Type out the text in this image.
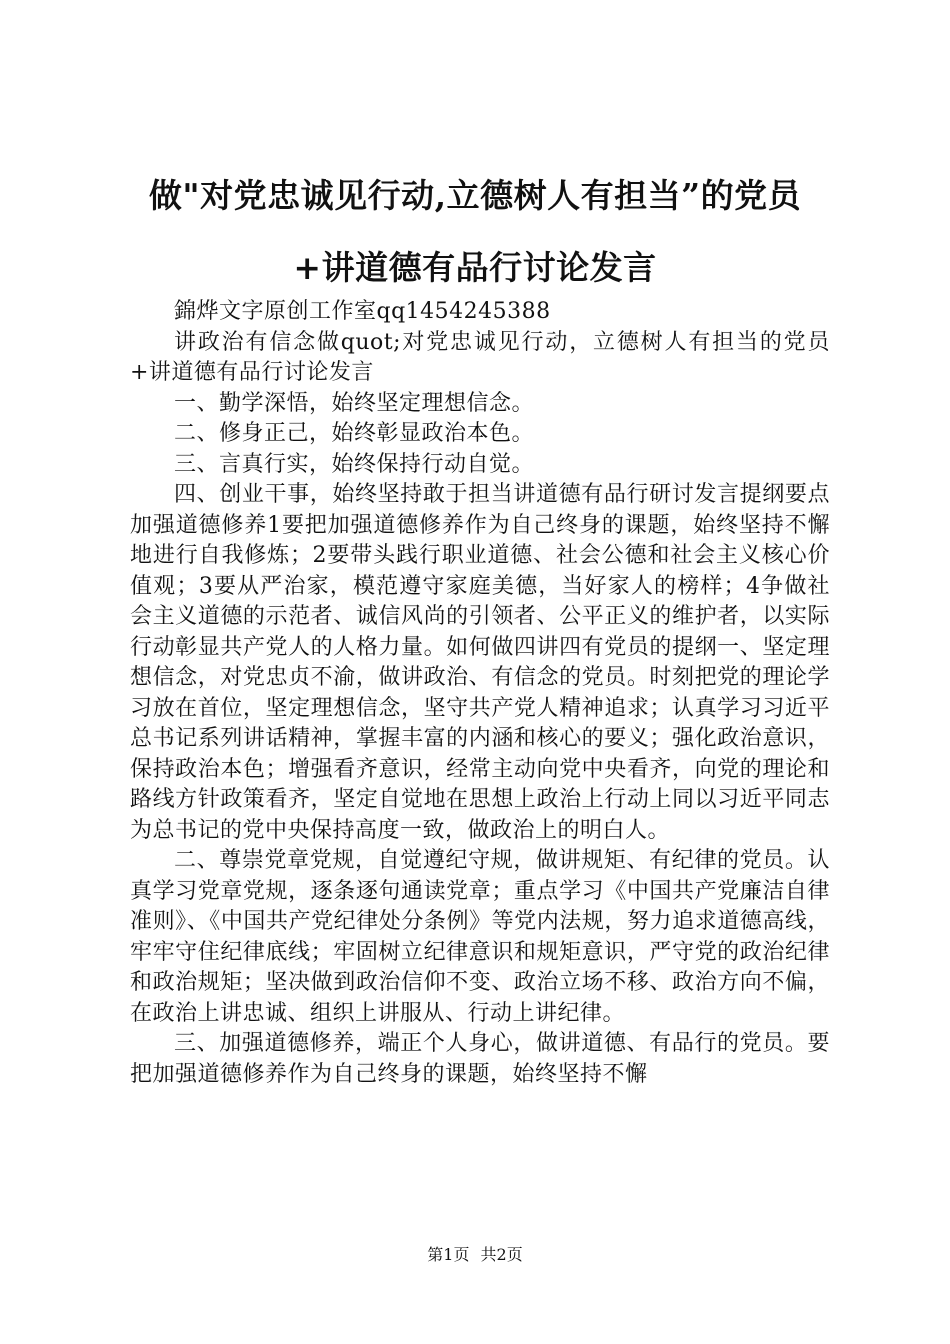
做"对党忠诚见行动,立德树人有担当”的党员
+讲道德有品行讨论发言

錦烨文字原创工作室qq1454245388

讲政治有信念做quot;对党忠诚见行动，立德树人有担当的党员+讲道德有品行讨论发言

一、勤学深悟，始终坚定理想信念。

二、修身正己，始终彰显政治本色。

三、言真行实，始终保持行动自觉。

四、创业干事，始终坚持敢于担当讲道德有品行研讨发言提纲要点加强道德修养1要把加强道德修养作为自己终身的课题，始终坚持不懈地进行自我修炼；2要带头践行职业道德、社会公德和社会主义核心价值观；3要从严治家，模范遵守家庭美德，当好家人的榜样；4争做社会主义道德的示范者、诚信风尚的引领者、公平正义的维护者，以实际行动彰显共产党人的人格力量。如何做四讲四有党员的提纲一、坚定理想信念，对党忠贞不渝，做讲政治、有信念的党员。时刻把党的理论学习放在首位，坚定理想信念，坚守共产党人精神追求；认真学习习近平总书记系列讲话精神，掌握丰富的内涵和核心的要义；强化政治意识，保持政治本色；增强看齐意识，经常主动向党中央看齐，向党的理论和路线方针政策看齐，坚定自觉地在思想上政治上行动上同以习近平同志为总书记的党中央保持高度一致，做政治上的明白人。

二、尊崇党章党规，自觉遵纪守规，做讲规矩、有纪律的党员。认真学习党章党规，逐条逐句通读党章；重点学习《中国共产党廉洁自律准则》、《中国共产党纪律处分条例》等党内法规，努力追求道德高线，牢牢守住纪律底线；牢固树立纪律意识和规矩意识，严守党的政治纪律和政治规矩；坚决做到政治信仰不变、政治立场不移、政治方向不偏，在政治上讲忠诚、组织上讲服从、行动上讲纪律。

三、加强道德修养，端正个人身心，做讲道德、有品行的党员。要把加强道德修养作为自己终身的课题，始终坚持不懈

第1页 共2页
